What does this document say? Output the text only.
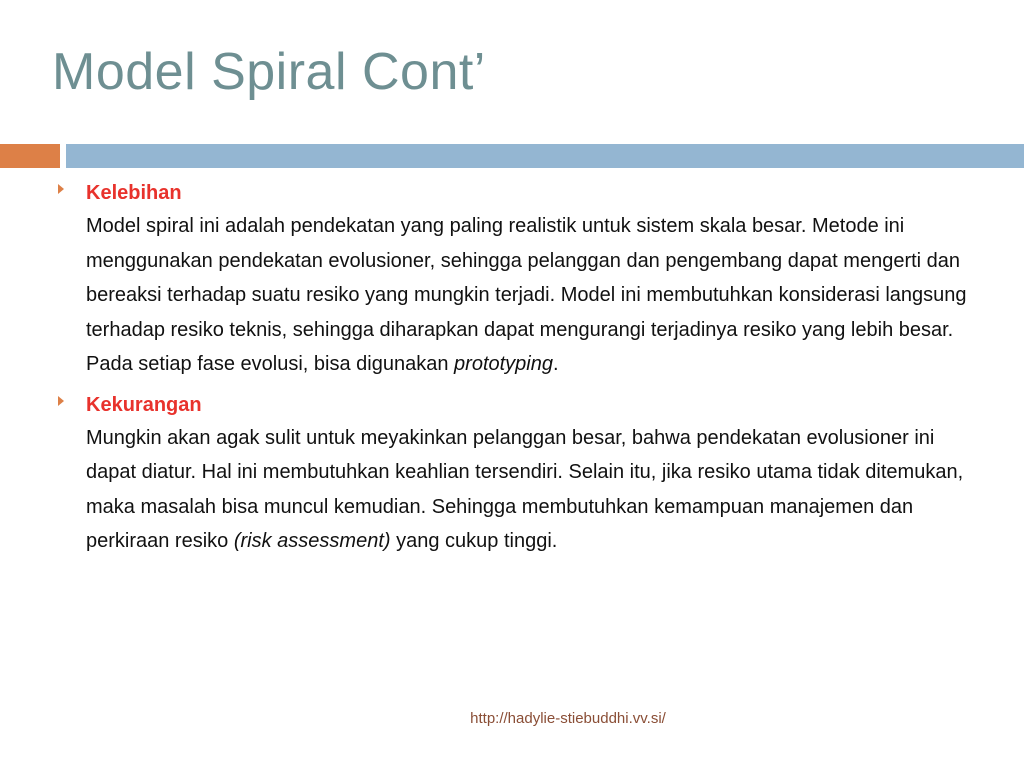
Model Spiral Cont’
Kelebihan
Model spiral ini adalah pendekatan yang paling realistik untuk sistem skala besar. Metode ini menggunakan pendekatan evolusioner, sehingga pelanggan dan pengembang dapat mengerti dan bereaksi terhadap suatu resiko yang mungkin terjadi. Model ini membutuhkan konsiderasi langsung terhadap resiko teknis, sehingga diharapkan dapat mengurangi terjadinya resiko yang lebih besar. Pada setiap fase evolusi, bisa digunakan prototyping.
Kekurangan
Mungkin akan agak sulit untuk meyakinkan pelanggan besar, bahwa pendekatan evolusioner ini dapat diatur. Hal ini membutuhkan keahlian tersendiri. Selain itu, jika resiko utama tidak ditemukan, maka masalah bisa muncul kemudian. Sehingga membutuhkan kemampuan manajemen dan perkiraan resiko (risk assessment) yang cukup tinggi.
http://hadylie-stiebuddhi.vv.si/
